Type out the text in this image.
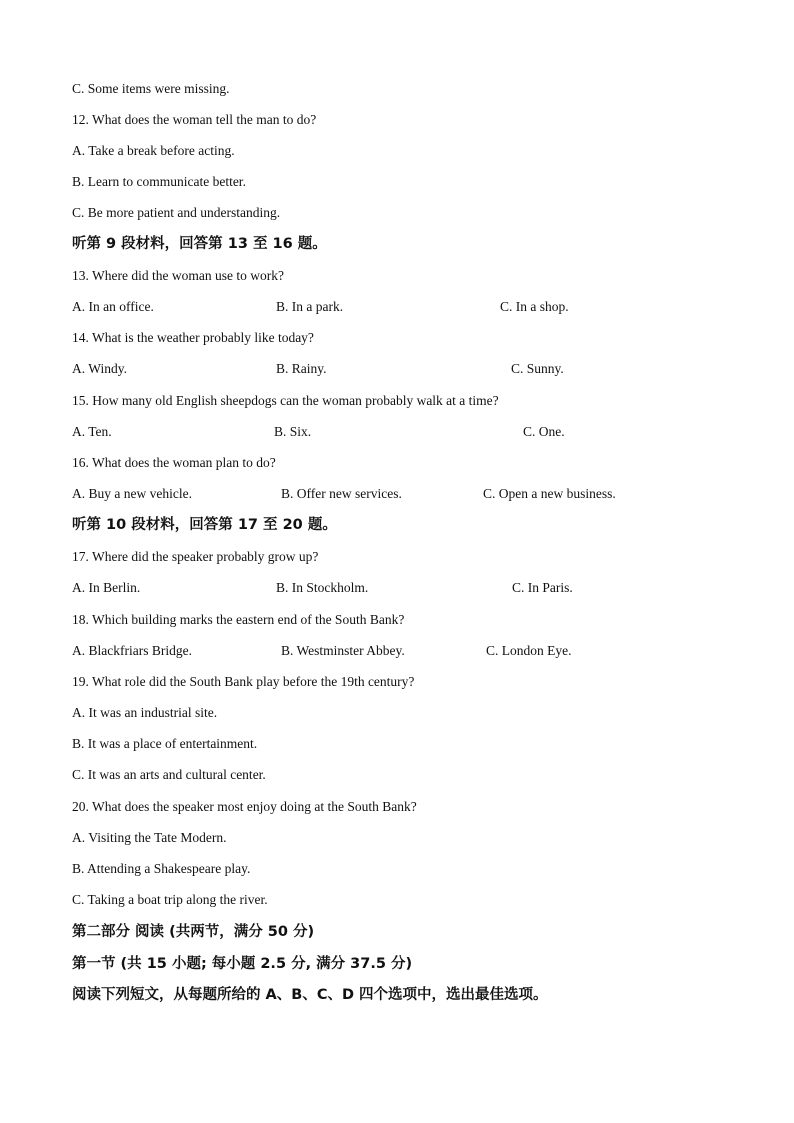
C. Some items were missing.
12. What does the woman tell the man to do?
A. Take a break before acting.
B. Learn to communicate better.
C. Be more patient and understanding.
听第 9 段材料，回答第 13 至 16 题。
13. Where did the woman use to work?
A. In an office.	B. In a park.	C. In a shop.
14. What is the weather probably like today?
A. Windy.	B. Rainy.	C. Sunny.
15. How many old English sheepdogs can the woman probably walk at a time?
A. Ten.	B. Six.	C. One.
16. What does the woman plan to do?
A. Buy a new vehicle.	B. Offer new services.	C. Open a new business.
听第 10 段材料，回答第 17 至 20 题。
17. Where did the speaker probably grow up?
A. In Berlin.	B. In Stockholm.	C. In Paris.
18. Which building marks the eastern end of the South Bank?
A. Blackfriars Bridge.	B. Westminster Abbey.	C. London Eye.
19. What role did the South Bank play before the 19th century?
A. It was an industrial site.
B. It was a place of entertainment.
C. It was an arts and cultural center.
20. What does the speaker most enjoy doing at the South Bank?
A. Visiting the Tate Modern.
B. Attending a Shakespeare play.
C. Taking a boat trip along the river.
第二部分 阅读 (共两节，满分 50 分)
第一节 (共 15 小题; 每小题 2.5 分, 满分 37.5 分)
阅读下列短文，从每题所给的 A、B、C、D 四个选项中，选出最佳选项。
